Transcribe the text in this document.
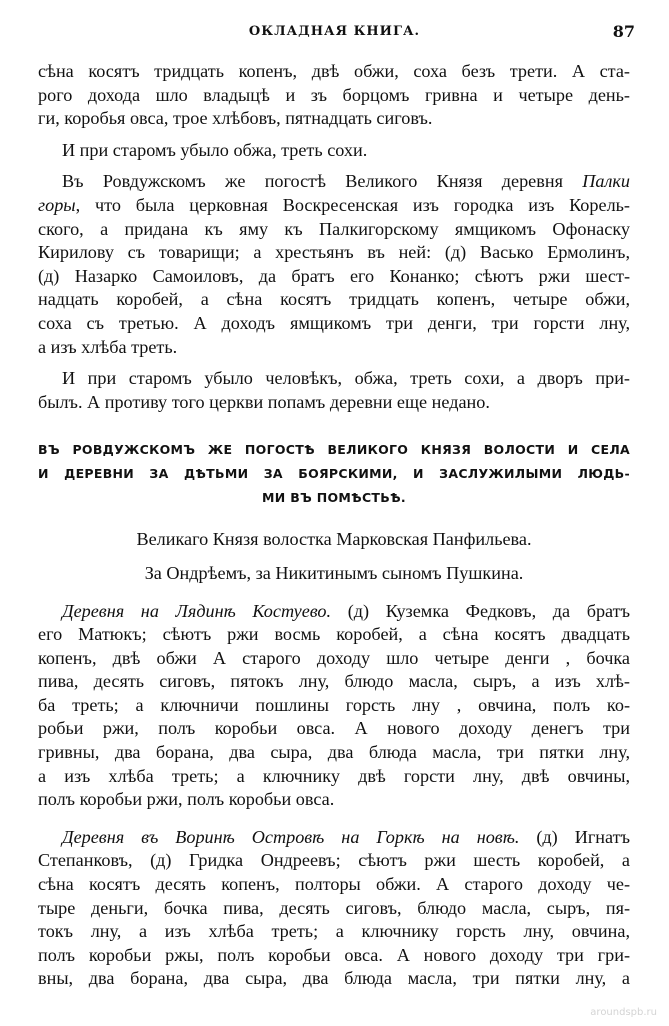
ОКЛАДНАЯ КНИГА.	87
сѣна косятъ тридцать копенъ, двѣ обжи, соха безъ трети. А ста-
рого дохода шло владыцѣ и зъ борцомъ гривна и четыре день-
ги, коробья овса, трое хлѣбовъ, пятнадцать сиговъ.
И при старомъ убыло обжа, треть сохи.
Въ Ровдужскомъ же погостѣ Великого Князя деревня Палки
горы, что была церковная Воскресенская изъ городка изъ Корель-
ского, а придана къ яму къ Палкигорскому ямщикомъ Офонаску
Кирилову съ товарищи; а хрестьянъ въ ней: (д) Васько Ермолинъ,
(д) Назарко Самоиловъ, да братъ его Конанко; сѣютъ ржи шест-
надцать коробей, а сѣна косятъ тридцать копенъ, четыре обжи,
соха съ третью. А доходъ ямщикомъ три денги, три горсти лну,
а изъ хлѣба треть.
И при старомъ убыло человѣкъ, обжа, треть сохи, а дворъ при-
былъ. А противу того церкви попамъ деревни еще недано.
ВЪ РОВДУЖСКОМЪ ЖЕ ПОГОСТѢ ВЕЛИКОГО КНЯЗЯ ВОЛОСТИ И СЕЛА
И ДЕРЕВНИ ЗА ДѢТЬМИ ЗА БОЯРСКИМИ, И ЗАСЛУЖИЛЫМИ ЛЮДЬ-
МИ ВЪ ПОМѢСТЬѢ.
Великаго Князя волостка Марковская Панфильева.
За Ондрѣемъ, за Никитинымъ сыномъ Пушкина.
Деревня на Лядинѣ Костуево. (д) Куземка Федковъ, да братъ
его Матюкъ; сѣютъ ржи восмь коробей, а сѣна косятъ двадцать
копенъ, двѣ обжи А старого доходу шло четыре денги , бочка
пива, десять сиговъ, пятокъ лну, блюдо масла, сыръ, а изъ хлѣ-
ба треть; а ключничи пошлины горсть лну , овчина, полъ ко-
робьи ржи, полъ коробьи овса. А нового доходу денегъ три
гривны, два борана, два сыра, два блюда масла, три пятки лну,
а изъ хлѣба треть; а ключнику двѣ горсти лну, двѣ овчины,
полъ коробьи ржи, полъ коробьи овса.
Деревня въ Воринѣ Островѣ на Горкѣ на новѣ. (д) Игнатъ
Степанковъ, (д) Гридка Ондреевъ; сѣютъ ржи шесть коробей, а
сѣна косятъ десять копенъ, полторы обжи. А старого доходу че-
тыре деньги, бочка пива, десять сиговъ, блюдо масла, сыръ, пя-
токъ лну, а изъ хлѣба треть; а ключнику горсть лну, овчина,
полъ коробьи ржы, полъ коробьи овса. А нового доходу три гри-
вны, два борана, два сыра, два блюда масла, три пятки лну, а
aroundspb.ru
